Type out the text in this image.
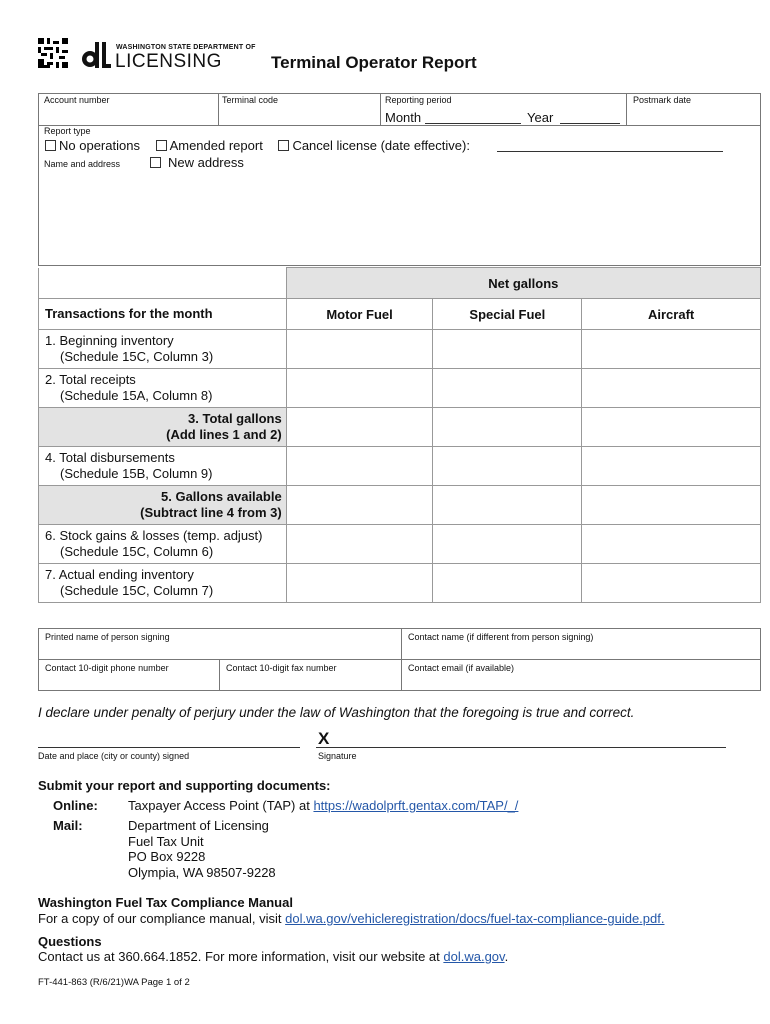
WASHINGTON STATE DEPARTMENT OF
LICENSING	Terminal Operator Report
Account number	Terminal code	Reporting period
Month	Year
Postmark date
Report type
No operations Amended report Cancel license (date effective):
Name and address	New address
	Net gallons		
Transactions for the month	Motor Fuel	Special Fuel	Aircraft

1. Beginning inventory
(Schedule 15C, Column 3)			

2. Total receipts
(Schedule 15A, Column 8)			

3. Total gallons
(Add lines 1 and 2)			

4. Total disbursements
(Schedule 15B, Column 9)			

5. Gallons available
(Subtract line 4 from 3)			

6. Stock gains & losses (temp. adjust)
(Schedule 15C, Column 6)			

7. Actual ending inventory
(Schedule 15C, Column 7)			

Printed name of person signing	Contact name (if different from person signing)
Contact 10-digit phone number	Contact 10-digit fax number	Contact email (if available)
I declare under penalty of perjury under the law of Washington that the foregoing is true and correct.
Date and place (city or county) signed
X
Signature
Submit your report and supporting documents:
Online: Taxpayer Access Point (TAP) at https://wadolprft.gentax.com/TAP/_/
Mail:	Department of Licensing
Fuel Tax Unit
PO Box 9228
Olympia, WA 98507-9228
Washington Fuel Tax Compliance Manual
For a copy of our compliance manual, visit dol.wa.gov/vehicleregistration/docs/fuel-tax-compliance-guide.pdf.
Questions
Contact us at 360.664.1852. For more information, visit our website at dol.wa.gov.
FT-441-863 (R/6/21)WA Page 1 of 2
